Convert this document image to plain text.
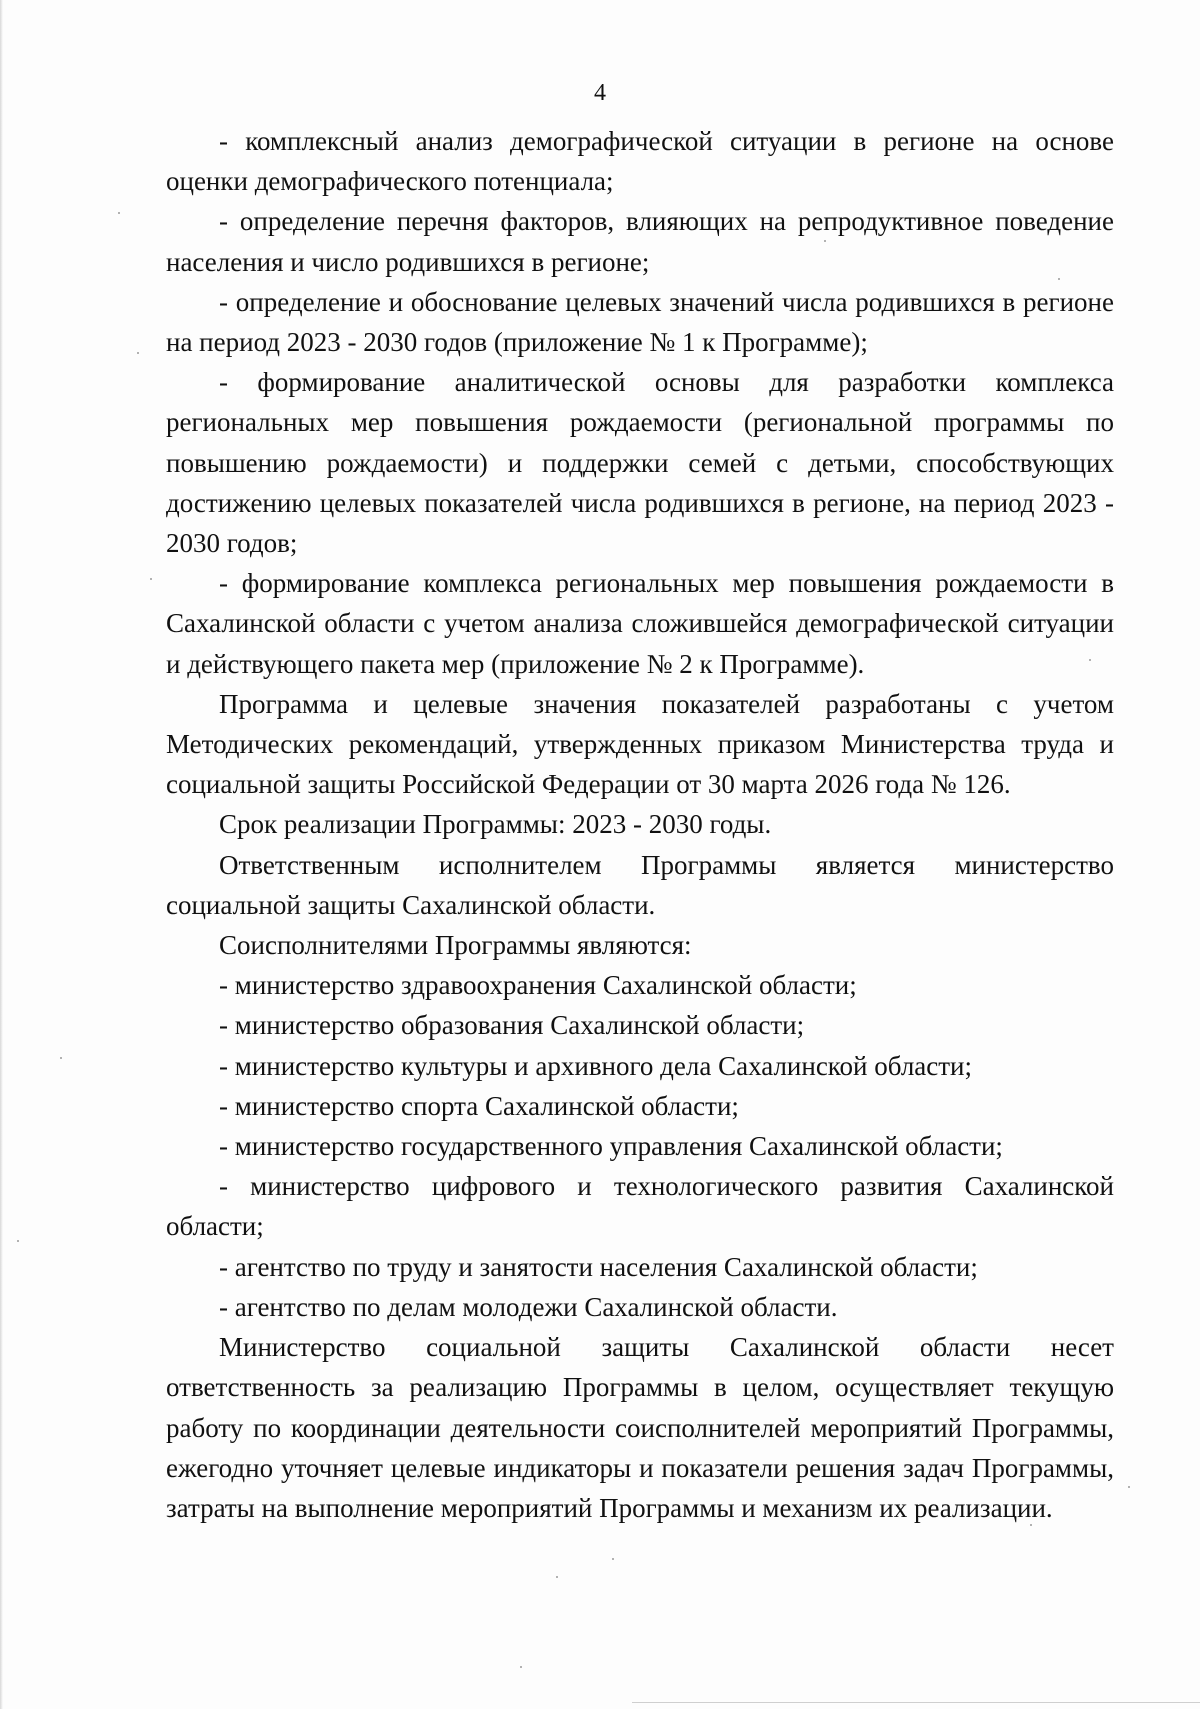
4

- комплексный анализ демографической ситуации в регионе на основе оценки демографического потенциала;

- определение перечня факторов, влияющих на репродуктивное поведение населения и число родившихся в регионе;

- определение и обоснование целевых значений числа родившихся в регионе на период 2023 - 2030 годов (приложение № 1 к Программе);

- формирование аналитической основы для разработки комплекса региональных мер повышения рождаемости (региональной программы по повышению рождаемости) и поддержки семей с детьми, способствующих достижению целевых показателей числа родившихся в регионе, на период 2023 - 2030 годов;

- формирование комплекса региональных мер повышения рождаемости в Сахалинской области с учетом анализа сложившейся демографической ситуации и действующего пакета мер (приложение № 2 к Программе).

Программа и целевые значения показателей разработаны с учетом Методических рекомендаций, утвержденных приказом Министерства труда и социальной защиты Российской Федерации от 30 марта 2026 года № 126.

Срок реализации Программы: 2023 - 2030 годы.

Ответственным исполнителем Программы является министерство социальной защиты Сахалинской области.

Соисполнителями Программы являются:

- министерство здравоохранения Сахалинской области;

- министерство образования Сахалинской области;

- министерство культуры и архивного дела Сахалинской области;

- министерство спорта Сахалинской области;

- министерство государственного управления Сахалинской области;

- министерство цифрового и технологического развития Сахалинской области;

- агентство по труду и занятости населения Сахалинской области;

- агентство по делам молодежи Сахалинской области.

Министерство социальной защиты Сахалинской области несет ответственность за реализацию Программы в целом, осуществляет текущую работу по координации деятельности соисполнителей мероприятий Программы, ежегодно уточняет целевые индикаторы и показатели решения задач Программы, затраты на выполнение мероприятий Программы и механизм их реализации.
